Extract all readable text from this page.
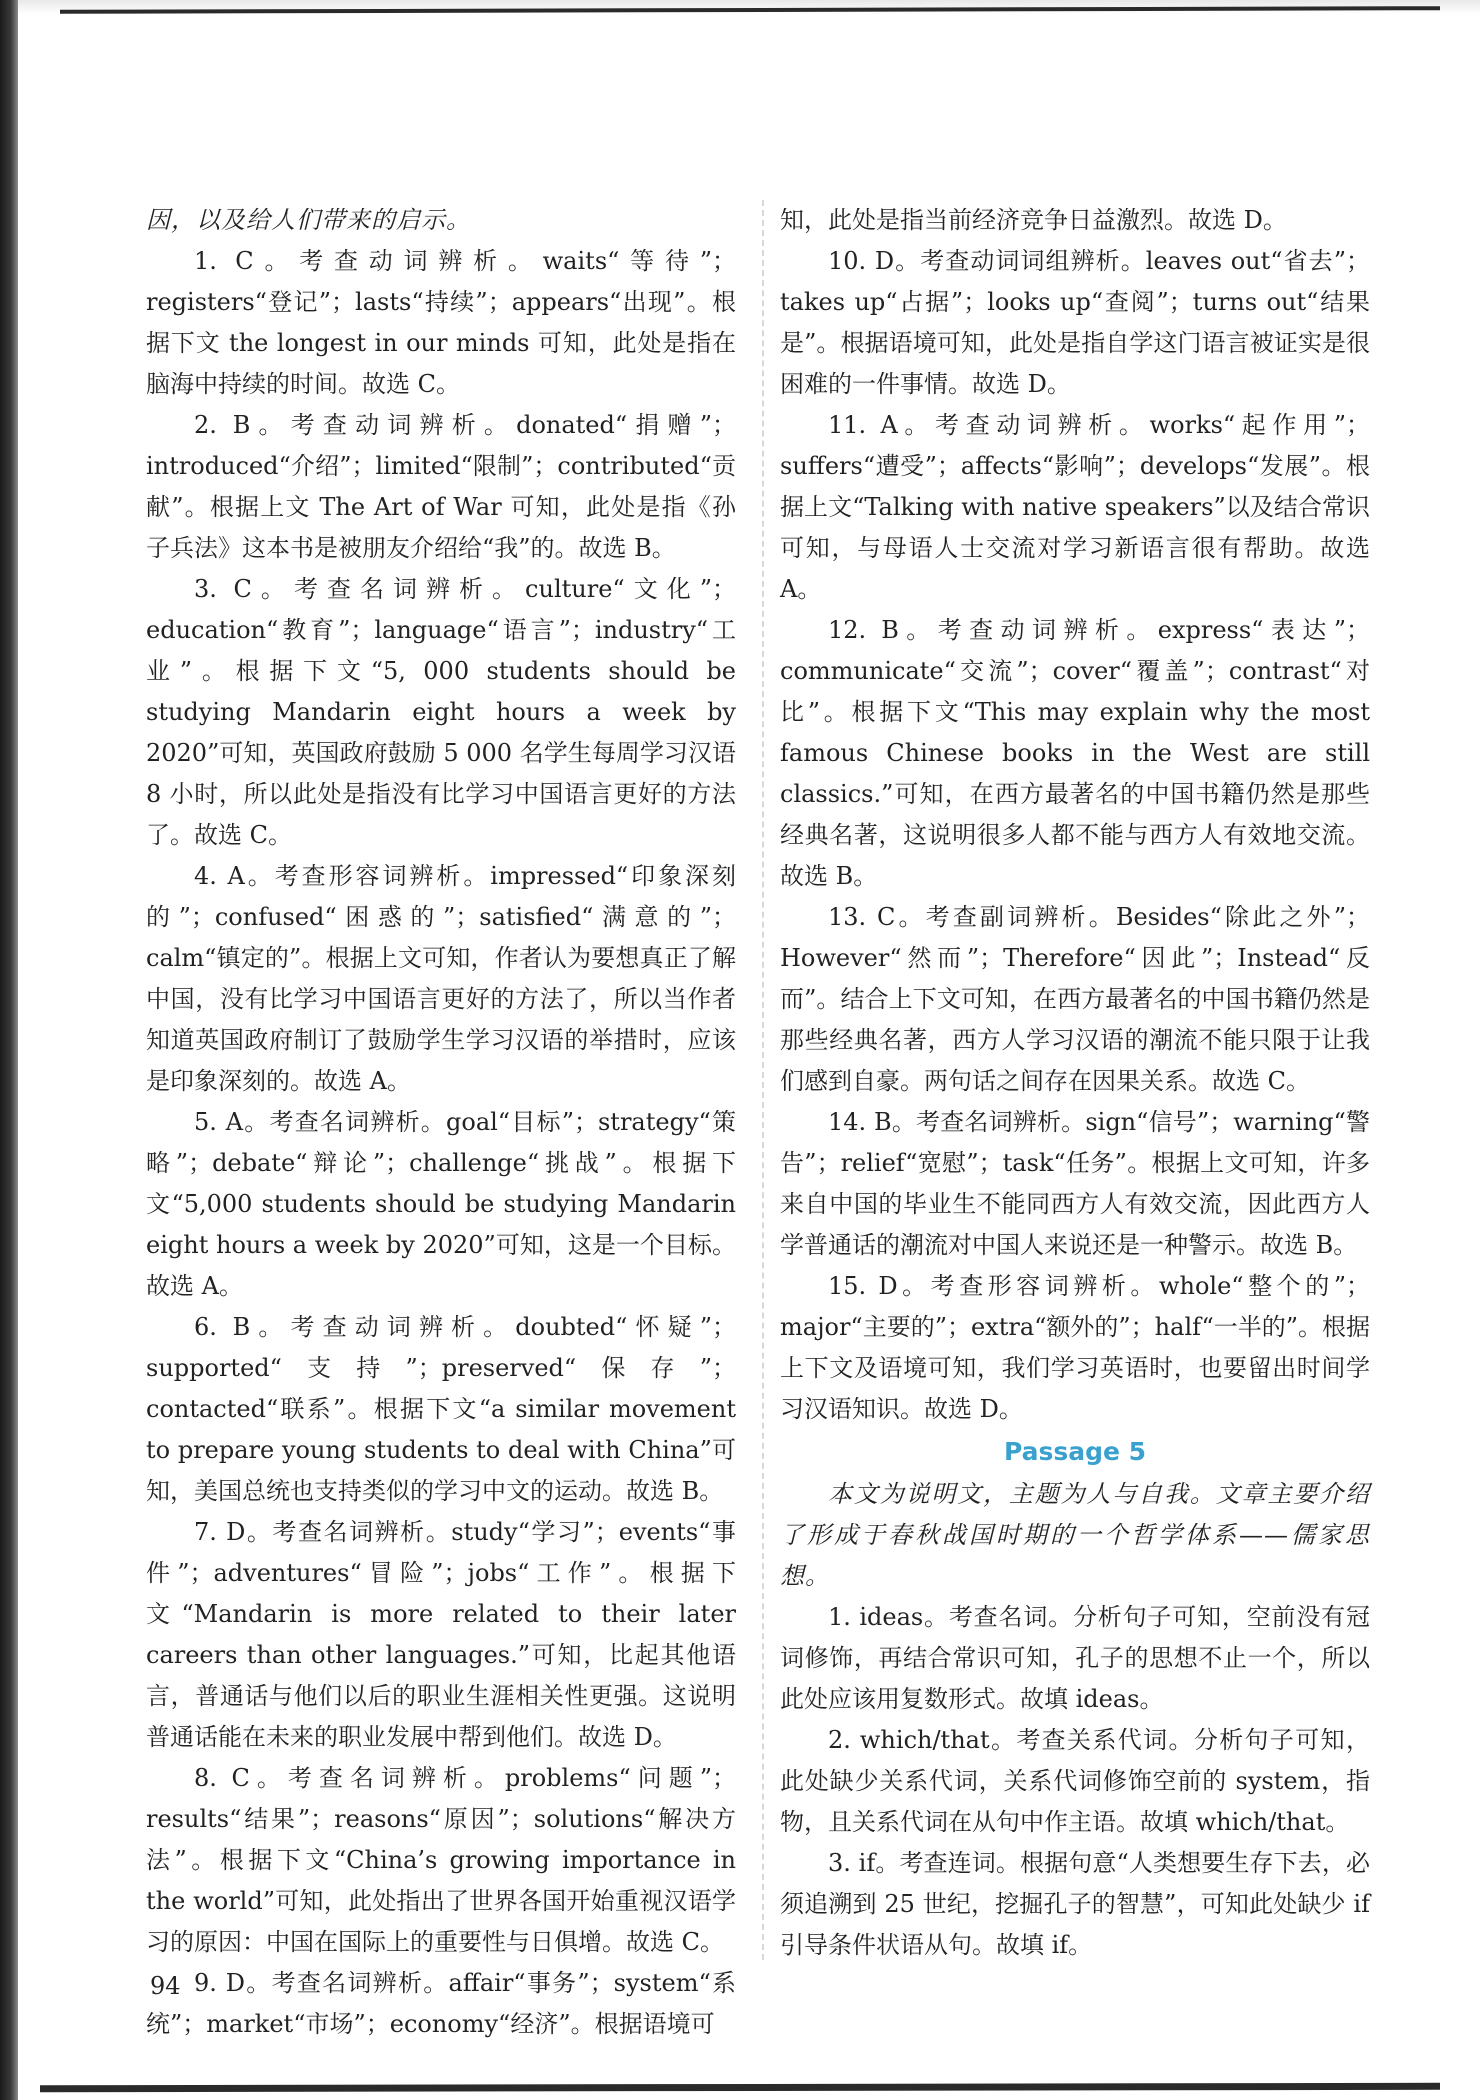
因，以及给人们带来的启示。

1. C。考查动词辨析。waits“等待”；registers“登记”；lasts“持续”；appears“出现”。根据下文 the longest in our minds 可知，此处是指在脑海中持续的时间。故选 C。

2. B。考查动词辨析。donated“捐赠”；introduced“介绍”；limited“限制”；contributed“贡献”。根据上文 The Art of War 可知，此处是指《孙子兵法》这本书是被朋友介绍给“我”的。故选 B。

3. C。考查名词辨析。culture“文化”；education“教育”；language“语言”；industry“工业”。根据下文“5, 000 students should be studying Mandarin eight hours a week by 2020”可知，英国政府鼓励 5 000 名学生每周学习汉语 8 小时，所以此处是指没有比学习中国语言更好的方法了。故选 C。

4. A。考查形容词辨析。impressed“印象深刻的”；confused“困惑的”；satisfied“满意的”；calm“镇定的”。根据上文可知，作者认为要想真正了解中国，没有比学习中国语言更好的方法了，所以当作者知道英国政府制订了鼓励学生学习汉语的举措时，应该是印象深刻的。故选 A。

5. A。考查名词辨析。goal“目标”；strategy“策略”；debate“辩论”；challenge“挑战”。根据下文“5,000 students should be studying Mandarin eight hours a week by 2020”可知，这是一个目标。故选 A。

6. B。考查动词辨析。doubted“怀疑”；supported“支持”；preserved“保存”；contacted“联系”。根据下文“a similar movement to prepare young students to deal with China”可知，美国总统也支持类似的学习中文的运动。故选 B。

7. D。考查名词辨析。study“学习”；events“事件”；adventures“冒险”；jobs“工作”。根据下文“Mandarin is more related to their later careers than other languages.”可知，比起其他语言，普通话与他们以后的职业生涯相关性更强。这说明普通话能在未来的职业发展中帮到他们。故选 D。

8. C。考查名词辨析。problems“问题”；results“结果”；reasons“原因”；solutions“解决方法”。根据下文“China’s growing importance in the world”可知，此处指出了世界各国开始重视汉语学习的原因：中国在国际上的重要性与日俱增。故选 C。

9. D。考查名词辨析。affair“事务”；system“系统”；market“市场”；economy“经济”。根据语境可

知，此处是指当前经济竞争日益激烈。故选 D。

10. D。考查动词词组辨析。leaves out“省去”；takes up“占据”；looks up“查阅”；turns out“结果是”。根据语境可知，此处是指自学这门语言被证实是很困难的一件事情。故选 D。

11. A。考查动词辨析。works“起作用”；suffers“遭受”；affects“影响”；develops“发展”。根据上文“Talking with native speakers”以及结合常识可知，与母语人士交流对学习新语言很有帮助。故选 A。

12. B。考查动词辨析。express“表达”；communicate“交流”；cover“覆盖”；contrast“对比”。根据下文“This may explain why the most famous Chinese books in the West are still classics.”可知，在西方最著名的中国书籍仍然是那些经典名著，这说明很多人都不能与西方人有效地交流。故选 B。

13. C。考查副词辨析。Besides“除此之外”；However“然而”；Therefore“因此”；Instead“反而”。结合上下文可知，在西方最著名的中国书籍仍然是那些经典名著，西方人学习汉语的潮流不能只限于让我们感到自豪。两句话之间存在因果关系。故选 C。

14. B。考查名词辨析。sign“信号”；warning“警告”；relief“宽慰”；task“任务”。根据上文可知，许多来自中国的毕业生不能同西方人有效交流，因此西方人学普通话的潮流对中国人来说还是一种警示。故选 B。

15. D。考查形容词辨析。whole“整个的”；major“主要的”；extra“额外的”；half“一半的”。根据上下文及语境可知，我们学习英语时，也要留出时间学习汉语知识。故选 D。

Passage 5

本文为说明文，主题为人与自我。文章主要介绍了形成于春秋战国时期的一个哲学体系——儒家思想。

1. ideas。考查名词。分析句子可知，空前没有冠词修饰，再结合常识可知，孔子的思想不止一个，所以此处应该用复数形式。故填 ideas。

2. which/that。考查关系代词。分析句子可知，此处缺少关系代词，关系代词修饰空前的 system，指物，且关系代词在从句中作主语。故填 which/that。

3. if。考查连词。根据句意“人类想要生存下去，必须追溯到 25 世纪，挖掘孔子的智慧”，可知此处缺少 if 引导条件状语从句。故填 if。

94
